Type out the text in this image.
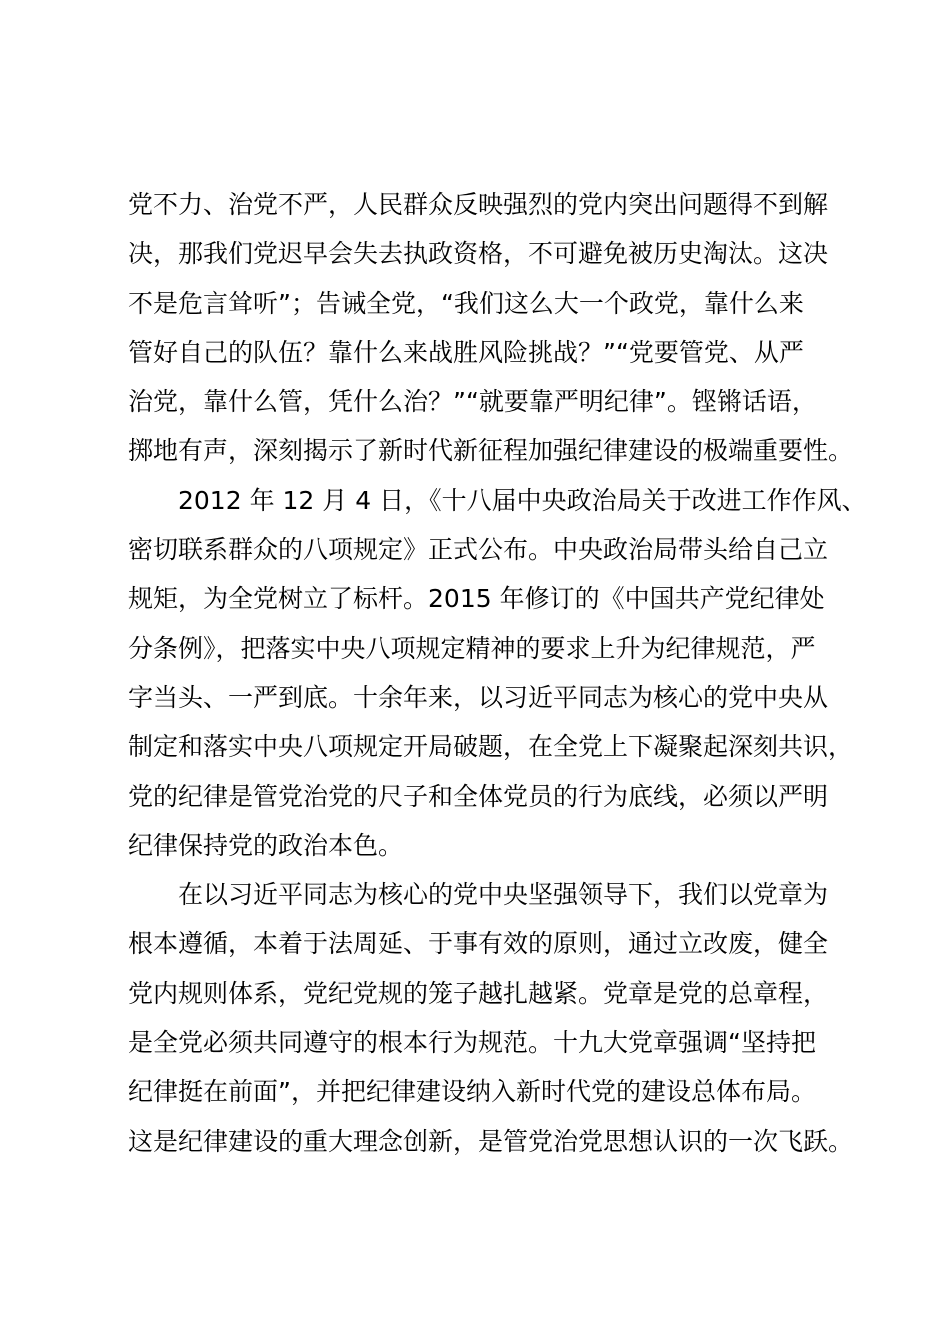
党不力、治党不严，人民群众反映强烈的党内突出问题得不到解
决，那我们党迟早会失去执政资格，不可避免被历史淘汰。这决
不是危言耸听”；告诫全党，“我们这么大一个政党，靠什么来
管好自己的队伍？靠什么来战胜风险挑战？”“党要管党、从严
治党，靠什么管，凭什么治？”“就要靠严明纪律”。铿锵话语，
掷地有声，深刻揭示了新时代新征程加强纪律建设的极端重要性。
2012 年 12 月 4 日，《十八届中央政治局关于改进工作作风、
密切联系群众的八项规定》正式公布。中央政治局带头给自己立
规矩，为全党树立了标杆。2015 年修订的《中国共产党纪律处
分条例》，把落实中央八项规定精神的要求上升为纪律规范，严
字当头、一严到底。十余年来，以习近平同志为核心的党中央从
制定和落实中央八项规定开局破题，在全党上下凝聚起深刻共识，
党的纪律是管党治党的尺子和全体党员的行为底线，必须以严明
纪律保持党的政治本色。
在以习近平同志为核心的党中央坚强领导下，我们以党章为
根本遵循，本着于法周延、于事有效的原则，通过立改废，健全
党内规则体系，党纪党规的笼子越扎越紧。党章是党的总章程，
是全党必须共同遵守的根本行为规范。十九大党章强调“坚持把
纪律挺在前面”，并把纪律建设纳入新时代党的建设总体布局。
这是纪律建设的重大理念创新，是管党治党思想认识的一次飞跃。
